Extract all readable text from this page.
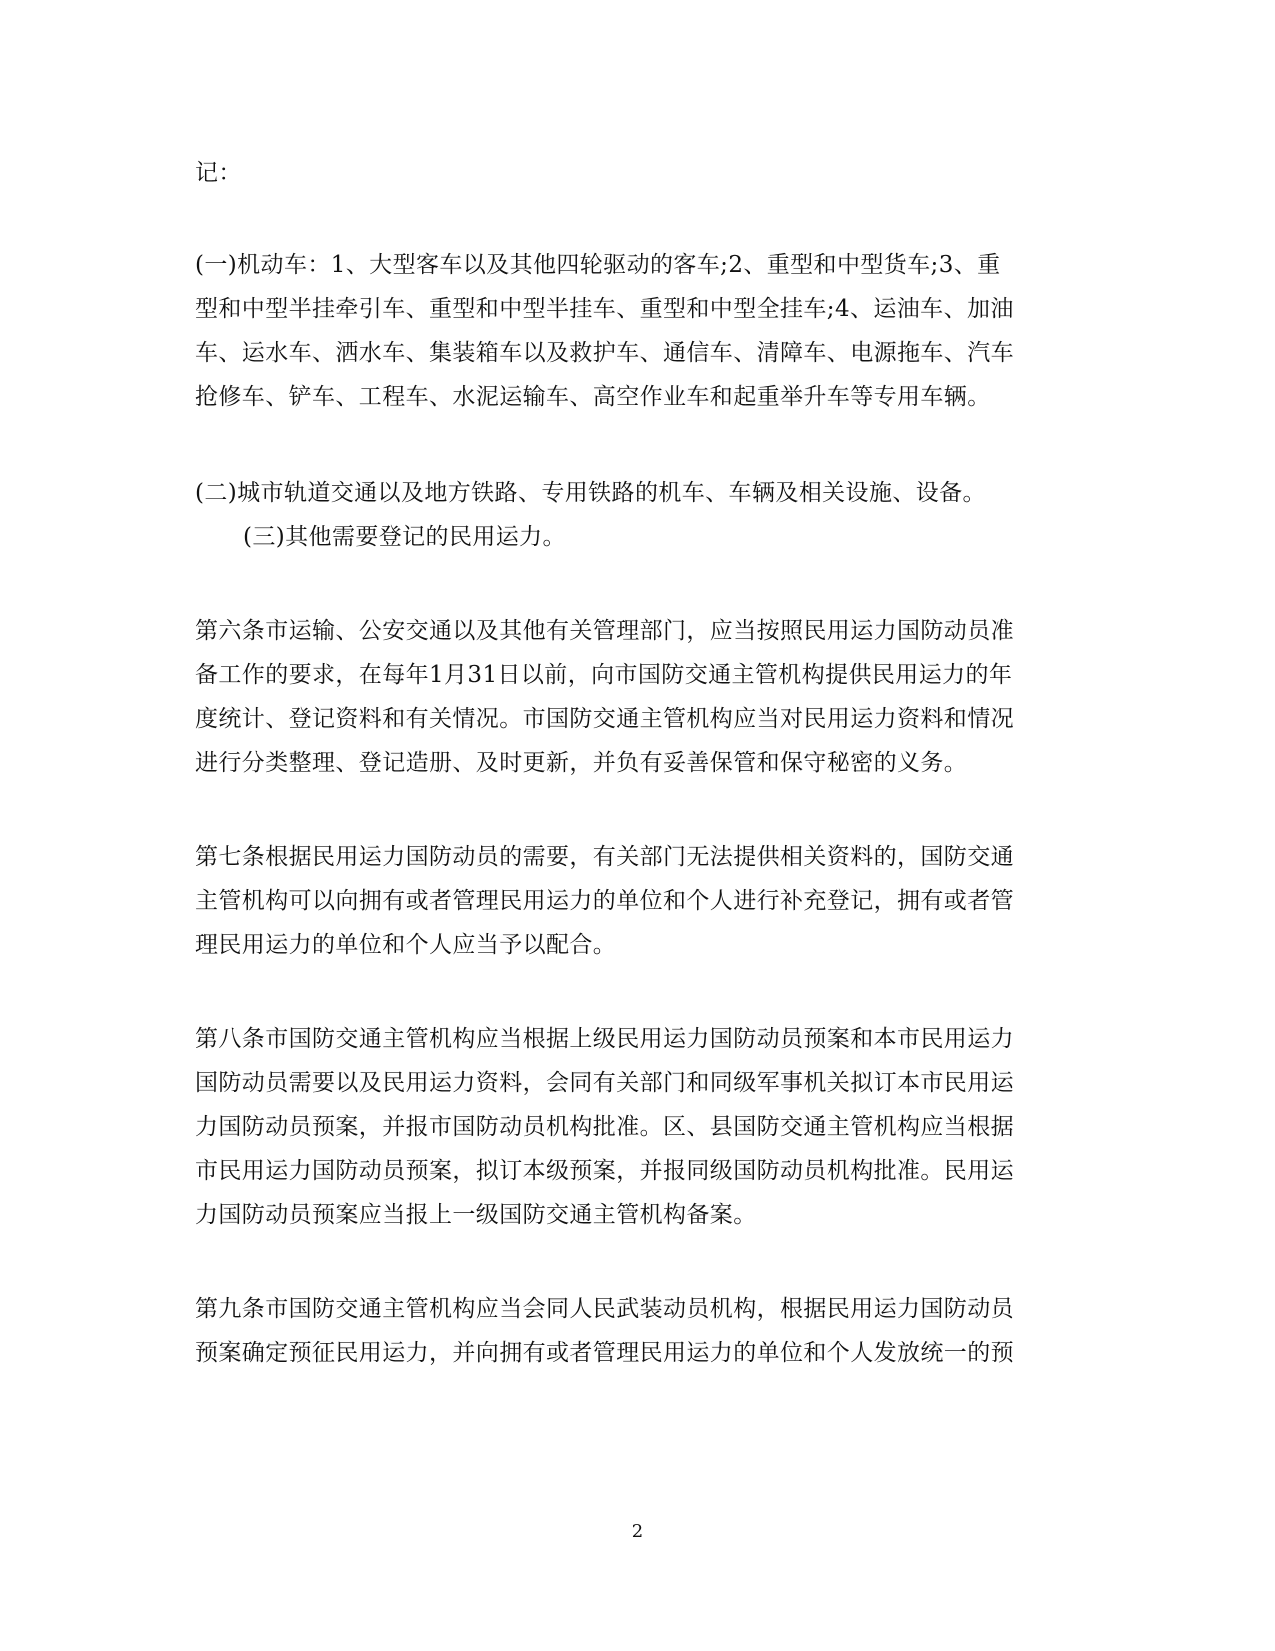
记：
(一)机动车：1、大型客车以及其他四轮驱动的客车;2、重型和中型货车;3、重
型和中型半挂牵引车、重型和中型半挂车、重型和中型全挂车;4、运油车、加油
车、运水车、洒水车、集装箱车以及救护车、通信车、清障车、电源拖车、汽车
抢修车、铲车、工程车、水泥运输车、高空作业车和起重举升车等专用车辆。
(二)城市轨道交通以及地方铁路、专用铁路的机车、车辆及相关设施、设备。
(三)其他需要登记的民用运力。
第六条市运输、公安交通以及其他有关管理部门，应当按照民用运力国防动员准
备工作的要求，在每年1月31日以前，向市国防交通主管机构提供民用运力的年
度统计、登记资料和有关情况。市国防交通主管机构应当对民用运力资料和情况
进行分类整理、登记造册、及时更新，并负有妥善保管和保守秘密的义务。
第七条根据民用运力国防动员的需要，有关部门无法提供相关资料的，国防交通
主管机构可以向拥有或者管理民用运力的单位和个人进行补充登记，拥有或者管
理民用运力的单位和个人应当予以配合。
第八条市国防交通主管机构应当根据上级民用运力国防动员预案和本市民用运力
国防动员需要以及民用运力资料，会同有关部门和同级军事机关拟订本市民用运
力国防动员预案，并报市国防动员机构批准。区、县国防交通主管机构应当根据
市民用运力国防动员预案，拟订本级预案，并报同级国防动员机构批准。民用运
力国防动员预案应当报上一级国防交通主管机构备案。
第九条市国防交通主管机构应当会同人民武装动员机构，根据民用运力国防动员
预案确定预征民用运力，并向拥有或者管理民用运力的单位和个人发放统一的预
2
